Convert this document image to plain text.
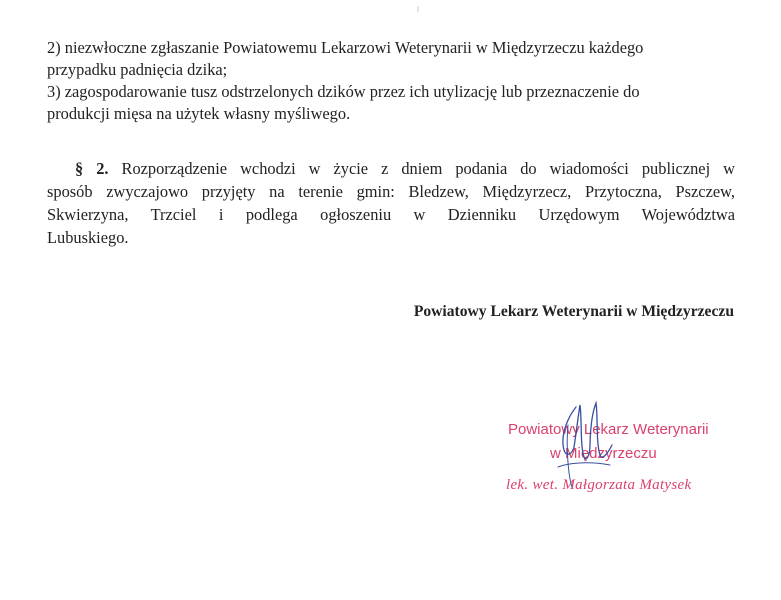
2) niezwłoczne zgłaszanie Powiatowemu Lekarzowi Weterynarii w Międzyrzeczu każdego
przypadku padnięcia dzika;

3) zagospodarowanie tusz odstrzelonych dzików przez ich utylizację lub przeznaczenie do
produkcji mięsa na użytek własny myśliwego.

§ 2. Rozporządzenie wchodzi w życie z dniem podania do wiadomości publicznej w
sposób zwyczajowo przyjęty na terenie gmin: Bledzew, Międzyrzecz, Przytoczna, Pszczew,
Skwierzyna, Trzciel i podlega ogłoszeniu w Dzienniku Urzędowym Województwa
Lubuskiego.

Powiatowy Lekarz Weterynarii w Międzyrzeczu

Powiatowy Lekarz Weterynarii
w Międzyrzeczu
lek. wet. Małgorzata Matysek
